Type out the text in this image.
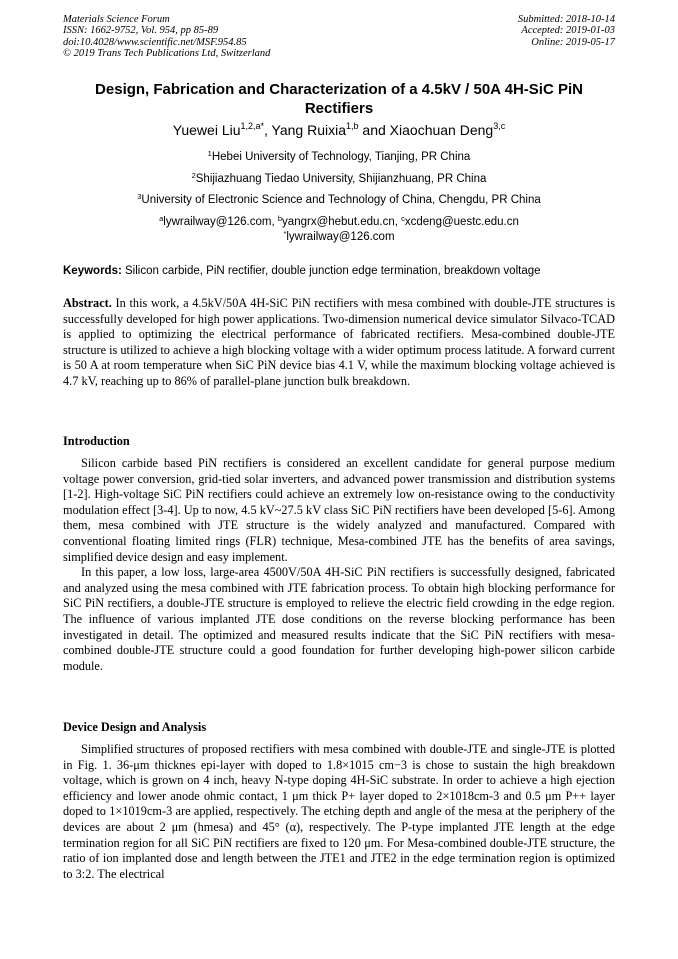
Materials Science Forum
ISSN: 1662-9752, Vol. 954, pp 85-89
doi:10.4028/www.scientific.net/MSF.954.85
© 2019 Trans Tech Publications Ltd, Switzerland
Submitted: 2018-10-14
Accepted: 2019-01-03
Online: 2019-05-17
Design, Fabrication and Characterization of a 4.5kV / 50A 4H-SiC PiN
Rectifiers
Yuewei Liu$^{1,2,a*}$, Yang Ruixia$^{1,b}$ and Xiaochuan Deng$^{3,c}$
$^1$Hebei University of Technology, Tianjing, PR China
$^2$Shijiazhuang Tiedao University, Shijianzhuang, PR China
$^3$University of Electronic Science and Technology of China, Chengdu, PR China
$^a$lywrailway@126.com, $^b$yangrx@hebut.edu.cn, $^c$xcdeng@uestc.edu.cn
*lywrailway@126.com
Keywords: Silicon carbide, PiN rectifier, double junction edge termination, breakdown voltage

Abstract. In this work, a 4.5kV/50A 4H-SiC PiN rectifiers with mesa combined with double-JTE structures is successfully developed for high power applications. Two-dimension numerical device simulator Silvaco-TCAD is applied to optimizing the electrical performance of fabricated rectifiers. Mesa-combined double-JTE structure is utilized to achieve a high blocking voltage with a wider optimum process latitude. A forward current is 50 A at room temperature when SiC PiN device bias 4.1 V, while the maximum blocking voltage achieved is 4.7 kV, reaching up to 86% of parallel-plane junction bulk breakdown.

Introduction

Silicon carbide based PiN rectifiers is considered an excellent candidate for general purpose medium voltage power conversion, grid-tied solar inverters, and advanced power transmission and distribution systems [1-2]. High-voltage SiC PiN rectifiers could achieve an extremely low on-resistance owing to the conductivity modulation effect [3-4]. Up to now, 4.5 kV~27.5 kV class SiC PiN rectifiers have been developed [5-6]. Among them, mesa combined with JTE structure is the widely analyzed and manufactured. Compared with conventional floating limited rings (FLR) technique, Mesa-combined JTE has the benefits of area savings, simplified device design and easy implement.

In this paper, a low loss, large-area 4500V/50A 4H-SiC PiN rectifiers is successfully designed, fabricated and analyzed using the mesa combined with JTE fabrication process. To obtain high blocking performance for SiC PiN rectifiers, a double-JTE structure is employed to relieve the electric field crowding in the edge region. The influence of various implanted JTE dose conditions on the reverse blocking performance has been investigated in detail. The optimized and measured results indicate that the SiC PiN rectifiers with mesa-combined double-JTE structure could a good foundation for further developing high-power silicon carbide module.

Device Design and Analysis

Simplified structures of proposed rectifiers with mesa combined with double-JTE and single-JTE is plotted in Fig. 1. 36-μm thicknes epi-layer with doped to 1.8×1015 cm−3 is chose to sustain the high breakdown voltage, which is grown on 4 inch, heavy N-type doping 4H-SiC substrate. In order to achieve a high ejection efficiency and lower anode ohmic contact, 1 μm thick P+ layer doped to 2×1018cm-3 and 0.5 μm P++ layer doped to 1×1019cm-3 are applied, respectively. The etching depth and angle of the mesa at the periphery of the devices are about 2 μm (hmesa) and 45° (α), respectively. The P-type implanted JTE length at the edge termination region for all SiC PiN rectifiers are fixed to 120 μm. For Mesa-combined double-JTE structure, the ratio of ion implanted dose and length between the JTE1 and JTE2 in the edge termination region is optimized to 3:2. The electrical
